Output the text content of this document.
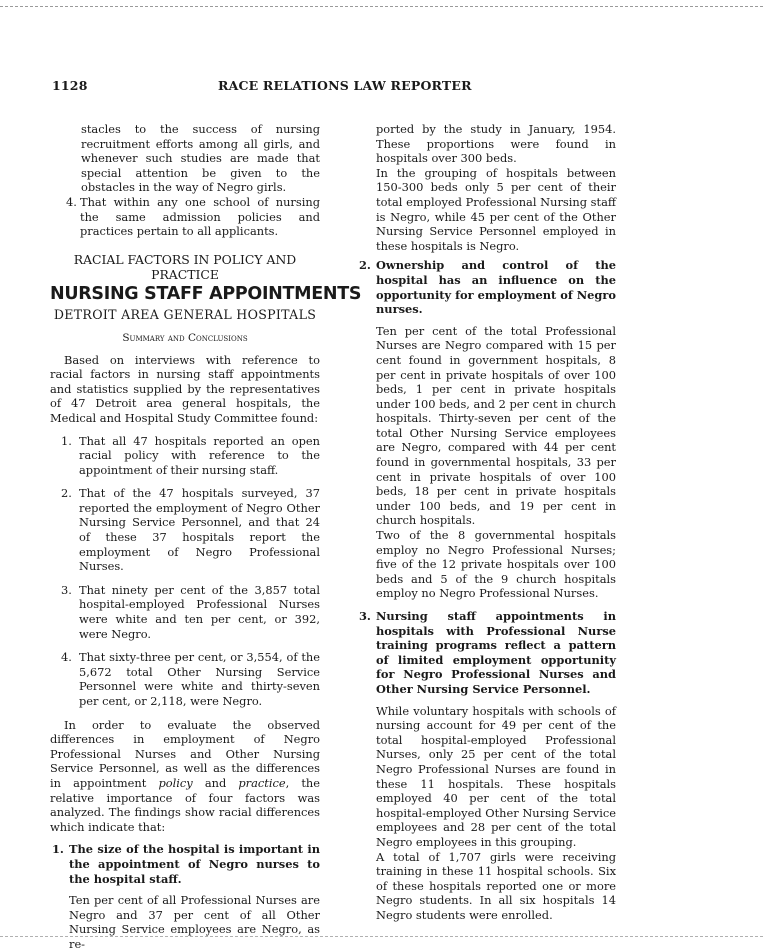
1128	RACE RELATIONS LAW REPORTER

stacles to the success of nursing recruitment efforts among all girls, and whenever such studies are made that special attention be given to the obstacles in the way of Negro girls.

4. That within any one school of nursing the same admission policies and practices pertain to all applicants.
RACIAL FACTORS IN POLICY AND PRACTICE
NURSING STAFF APPOINTMENTS
DETROIT AREA GENERAL HOSPITALS
Summary and Conclusions

Based on interviews with reference to racial factors in nursing staff appointments and statistics supplied by the representatives of 47 Detroit area general hospitals, the Medical and Hospital Study Committee found:

1. That all 47 hospitals reported an open racial policy with reference to the appointment of their nursing staff.
2. That of the 47 hospitals surveyed, 37 reported the employment of Negro Other Nursing Service Personnel, and that 24 of these 37 hospitals report the employment of Negro Professional Nurses.
3. That ninety per cent of the 3,857 total hospital-employed Professional Nurses were white and ten per cent, or 392, were Negro.
4. That sixty-three per cent, or 3,554, of the 5,672 total Other Nursing Service Personnel were white and thirty-seven per cent, or 2,118, were Negro.

In order to evaluate the observed differences in employment of Negro Professional Nurses and Other Nursing Service Personnel, as well as the differences in appointment policy and practice, the relative importance of four factors was analyzed. The findings show racial differences which indicate that:

1. The size of the hospital is important in the appointment of Negro nurses to the hospital staff.

Ten per cent of all Professional Nurses are Negro and 37 per cent of all Other Nursing Service employees are Negro, as re-

ported by the study in January, 1954. These proportions were found in hospitals over 300 beds.

In the grouping of hospitals between 150-300 beds only 5 per cent of their total employed Professional Nursing staff is Negro, while 45 per cent of the Other Nursing Service Personnel employed in these hospitals is Negro.

2. Ownership and control of the hospital has an influence on the opportunity for employment of Negro nurses.

Ten per cent of the total Professional Nurses are Negro compared with 15 per cent found in government hospitals, 8 per cent in private hospitals of over 100 beds, 1 per cent in private hospitals under 100 beds, and 2 per cent in church hospitals. Thirty-seven per cent of the total Other Nursing Service employees are Negro, compared with 44 per cent found in governmental hospitals, 33 per cent in private hospitals of over 100 beds, 18 per cent in private hospitals under 100 beds, and 19 per cent in church hospitals.

Two of the 8 governmental hospitals employ no Negro Professional Nurses; five of the 12 private hospitals over 100 beds and 5 of the 9 church hospitals employ no Negro Professional Nurses.

3. Nursing staff appointments in hospitals with Professional Nurse training programs reflect a pattern of limited employment opportunity for Negro Professional Nurses and Other Nursing Service Personnel.

While voluntary hospitals with schools of nursing account for 49 per cent of the total hospital-employed Professional Nurses, only 25 per cent of the total Negro Professional Nurses are found in these 11 hospitals. These hospitals employed 40 per cent of the total hospital-employed Other Nursing Service employees and 28 per cent of the total Negro employees in this grouping.

A total of 1,707 girls were receiving training in these 11 hospital schools. Six of these hospitals reported one or more Negro students. In all six hospitals 14 Negro students were enrolled.
